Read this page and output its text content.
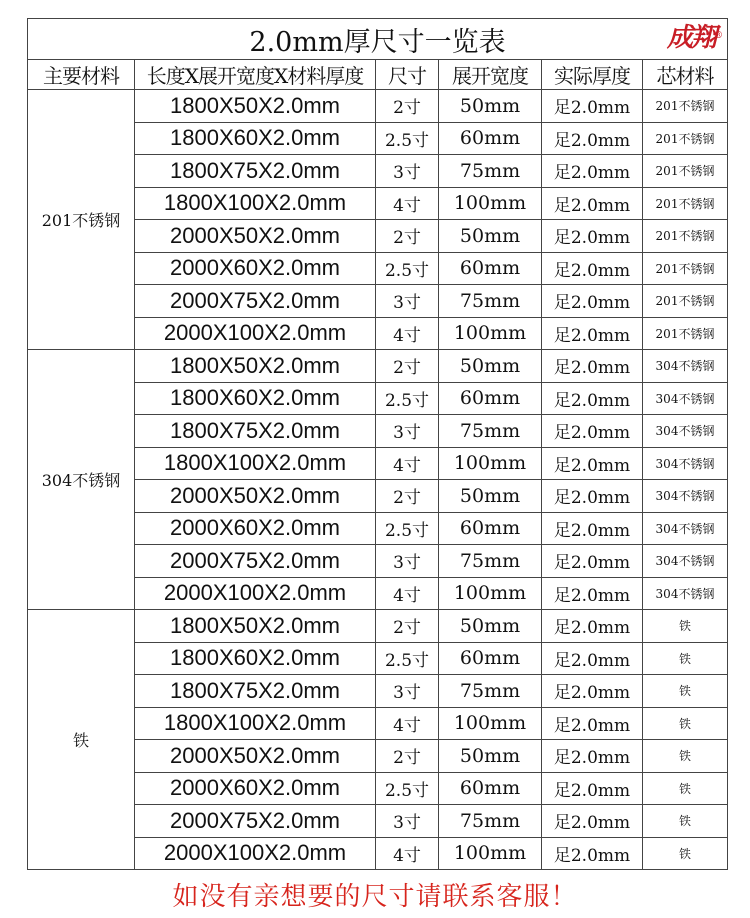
2.0mm厚尺寸一览表 成翔 ®					

主要材料	长度X展开宽度X材料厚度	尺寸	展开宽度	实际厚度	芯材料
201不锈钢	1800X50X2.0mm	2寸	50mm	足2.0mm	201不锈钢
	1800X60X2.0mm	2.5寸	60mm	足2.0mm	201不锈钢
	1800X75X2.0mm	3寸	75mm	足2.0mm	201不锈钢
	1800X100X2.0mm	4寸	100mm	足2.0mm	201不锈钢
	2000X50X2.0mm	2寸	50mm	足2.0mm	201不锈钢
	2000X60X2.0mm	2.5寸	60mm	足2.0mm	201不锈钢
	2000X75X2.0mm	3寸	75mm	足2.0mm	201不锈钢
	2000X100X2.0mm	4寸	100mm	足2.0mm	201不锈钢
304不锈钢	1800X50X2.0mm	2寸	50mm	足2.0mm	304不锈钢
	1800X60X2.0mm	2.5寸	60mm	足2.0mm	304不锈钢
	1800X75X2.0mm	3寸	75mm	足2.0mm	304不锈钢
	1800X100X2.0mm	4寸	100mm	足2.0mm	304不锈钢
	2000X50X2.0mm	2寸	50mm	足2.0mm	304不锈钢
	2000X60X2.0mm	2.5寸	60mm	足2.0mm	304不锈钢
	2000X75X2.0mm	3寸	75mm	足2.0mm	304不锈钢
	2000X100X2.0mm	4寸	100mm	足2.0mm	304不锈钢
铁	1800X50X2.0mm	2寸	50mm	足2.0mm	铁
	1800X60X2.0mm	2.5寸	60mm	足2.0mm	铁
	1800X75X2.0mm	3寸	75mm	足2.0mm	铁
	1800X100X2.0mm	4寸	100mm	足2.0mm	铁
	2000X50X2.0mm	2寸	50mm	足2.0mm	铁
	2000X60X2.0mm	2.5寸	60mm	足2.0mm	铁
	2000X75X2.0mm	3寸	75mm	足2.0mm	铁
	2000X100X2.0mm	4寸	100mm	足2.0mm	铁
如没有亲想要的尺寸请联系客服！
